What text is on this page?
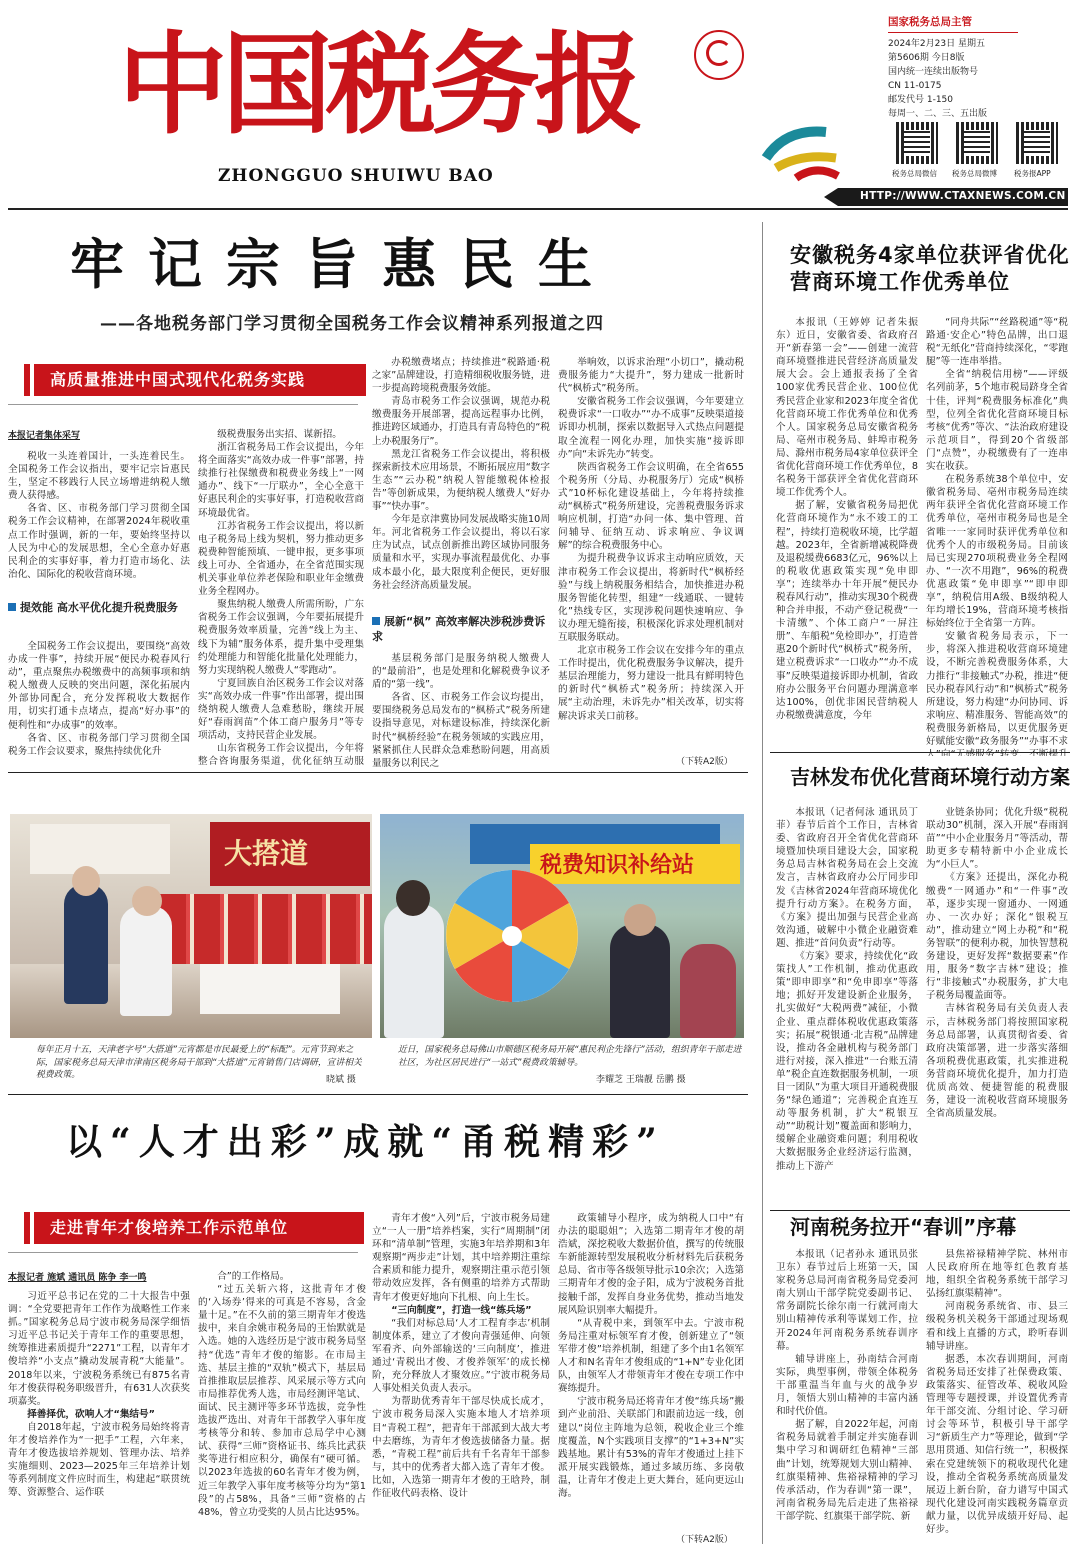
中国税务报
ZHONGGUO SHUIWU BAO
国家税务总局主管
2024年2月23日 星期五
第5606期 今日8版
国内统一连续出版物号
CN 11-0175
邮发代号 1-150
每周一、二、三、五出版
税务总局微信 税务总局微博 税务报APP
HTTP://WWW.CTAXNEWS.COM.CN
牢记宗旨惠民生
——各地税务部门学习贯彻全国税务工作会议精神系列报道之四
高质量推进中国式现代化税务实践
本报记者集体采写

税收一头连着国计，一头连着民生。全国税务工作会议指出，要牢记宗旨惠民生，坚定不移践行人民立场增进纳税人缴费人获得感。

各省、区、市税务部门学习贯彻全国税务工作会议精神，在部署2024年税收重点工作时强调，新的一年，要始终坚持以人民为中心的发展思想，全心全意办好惠民利企的实事好事，着力打造市场化、法治化、国际化的税收营商环境。

提效能 高水平优化提升税费服务

全国税务工作会议提出，要围绕“高效办成一件事”，持续开展“便民办税春风行动”，重点聚焦办税缴费中的高频事项和纳税人缴费人反映的突出问题，深化拓展内外部协同配合，充分发挥税收大数据作用，切实打通卡点堵点，提高“好办事”的便利性和“办成事”的效率。

各省、区、市税务部门学习贯彻全国税务工作会议要求，聚焦持续优化升

级税费服务出实招、谋新招。

浙江省税务局工作会议提出，今年将全面落实“高效办成一件事”部署，持续推行社保缴费和税费业务线上“一网通办”、线下“一厅联办”，全心全意干好惠民利企的实事好事，打造税收营商环境最优省。

江苏省税务工作会议提出，将以新电子税务局上线为契机，努力推动更多税费种智能预填、一键申报，更多事项线上可办、全省通办，在全省范围实现机关事业单位养老保险和职业年金缴费业务全程网办。

聚焦纳税人缴费人所需所盼，广东省税务工作会议强调，今年要拓展提升税费服务效率质量，完善“线上为主、线下为辅”服务体系，提升集中受理集约处理能力和智能化批量化处理能力，努力实现纳税人缴费人“零跑动”。

宁夏回族自治区税务工作会议对落实“高效办成一件事”作出部署，提出围绕纳税人缴费人急难愁盼，继续开展好“春雨润苗”个体工商户服务月”等专项活动，支持民营企业发展。

山东省税务工作会议提出，今年将整合咨询服务渠道，优化征纳互动服

办税缴费堵点；持续推进“税路通·税之家”品牌建设，打造精细税收服务链，进一步提高跨境税费服务效能。

青岛市税务工作会议强调，规范办税缴费服务开展部署，提高远程事办比例，推进跨区域通办，打造具有青岛特色的“税上办税服务厅”。

黑龙江省税务工作会议提出，将积极探索新技术应用场景，不断拓展应用“数字生态”“云办税”纳税人智能缴税体检报告”等创新成果，为便纳税人缴费人“好办事”“快办事”。

今年是京津冀协同发展战略实施10周年。河北省税务工作会议提出，将以石家庄为试点，试点创新推出跨区域协同服务质量和水平，实现办事流程最优化、办事成本最小化，最大限度利企便民，更好服务社会经济高质量发展。

展新“枫” 高效率解决涉税涉费诉求

基层税务部门是服务纳税人缴费人的“最前沿”，也是处理和化解税费争议矛盾的“第一线”。

各省、区、市税务工作会议均提出，要围绕税务总局发布的“枫桥式”税务所建设指导意见，对标建设标准，持续深化新时代“枫桥经验”在税务领域的实践应用，紧紧抓住人民群众急难愁盼问题，用高质量服务以利民之

举响效，以诉求治理“小切口”，撬动税费服务能力“大提升”，努力建成一批新时代“枫桥式”税务所。

安徽省税务工作会议强调，今年要建立税费诉求“一口收办”“办不成事”反映渠道接诉即办机制，探索以数据导入式热点问题提取全流程一网化办理，加快实施“接诉即办”向“未诉先办”转变。

陕西省税务工作会议明确，在全省655个税务所（分局、办税服务厅）完成“枫桥式”10杯标化建设基础上，今年将持续推动“枫桥式”税务所建设，完善税费服务诉求响应机制，打造“办问一体、集中管理、首问辅导、征纳互动、诉求响应、争议调解”的综合税费服务中心。

为提升税费争议诉求主动响应质效，天津市税务工作会议提出，将新时代“枫桥经验”与线上纳税服务相结合，加快推进办税服务智能化转型，组建“一线通联、一键转化”热线专区，实现涉税问题快速响应、争议办理无缝衔接，积极深化诉求处理机制对互联服务联动。

北京市税务工作会议在安排今年的重点工作时提出，优化税费服务争议解决，提升基层治理能力，努力建设一批具有鲜明特色的新时代“枫桥式”税务所；持续深入开展“主动治理，未诉先办”相关改革，切实将解决诉求关口前移。

（下转A2版）
大搭道
每年正月十五，天津老字号“大搭道”元宵都是市民最爱上的“标配”。元宵节到来之际，国家税务总局天津市津南区税务局干部到“大搭道”元宵销售门店调研，宣讲相关税费政策。	晓斌 摄
税费知识补给站
近日，国家税务总局佛山市顺德区税务局开展“惠民利企先锋行”活动，组织青年干部走进社区，为社区居民进行“一站式”税费政策辅导。
李耀芝 王瑞靓 岳鹏 摄
以“人才出彩”成就“甬税精彩”
走进青年才俊培养工作示范单位
本报记者 施斌 通讯员 陈争 李一鸣

习近平总书记在党的二十大报告中强调：“全党要把青年工作作为战略性工作来抓。”国家税务总局宁波市税务局深学细悟习近平总书记关于青年工作的重要思想，统筹推进素质提升“2271”工程，以青年才俊培养“小支点”撬动发展青税“大能量”。2018年以来，宁波税务系统已有875名青年才俊获得税务职级晋升，有631人次获奖项嘉奖。

择善择优，砍响人才“集结号”

自2018年起，宁波市税务局始终将青年才俊培养作为“一把手”工程，六年来，青年才俊选拔培养规划、管理办法、培养实施细则、2023—2025年三年培养计划等系列制度文件应时而生，构建起“联贯统筹、资源整合、运作联

合”的工作格局。

“过五关斩六将，这批青年才俊的‘入场券’得来的可真是不容易，含金量十足。”在不久前的第三期青年才俊选拔中，来自余姚市税务局的王怡默就是入选。她的入选经历是宁波市税务局坚持“优选”青年才俊的缩影。在市局主选、基层主推的“双轨”模式下，基层局首推推取层层推荐、风采展示等方式向市局推荐优秀人选，市局经测评笔试、面试、民主测评等多环节选拔，竞争性选拔严选出、对青年干部教学入事年度考核等分和转、参加市总局学中心测试、获得“三师”资格证书、练兵比武获奖等进行相应积分，确保有“硬可循。以2023年选拔的60名青年才俊为例，近三年教学入事年度考核等分均为“第1段”的占58%，具备“三师”资格的占48%，曾立功受奖的人员占比达95%。

青年才俊“入列”后，宁波市税务局建立“一人一册”培养档案，实行“周期制”闭环和“清单制”管理，实施3年培养期和3年观察期“两步走”计划，其中培养期注重综合素质和能力提升，观察期注重示范引领带动效应发挥，各有侧重的培养方式帮助青年才俊更好地向下扎根、向上生长。

“三向制度”，打造一线“练兵场”

“我们对标总局‘人才工程育李志’机制制度体系，建立了才俊向青强延伸、向领军看齐、向外部输送的‘三向制度’，推进通过‘青税出才俊、才俊养领军’的成长梯阶，充分释放人才聚效应。”宁波市税务局人事处相关负责人表示。

为帮助优秀青年干部尽快成长成才，宁波市税务局深入实施本地人才培养项目“青税工程”，把青年干部派到大战大考中去磨练，为青年才俊选拔储备力量。据悉，“青税工程”前后共有千名青年干部参与，其中的优秀者大都入选了青年才俊。比如，入选第一期青年才俊的王晗羚，制作征收代码表格、设计

政策辅导小程序，成为纳税人口中“有办法的聪聪姐”；入选第二期青年才俊的胡浩斌，深挖税收大数据价值，撰写的传统服车新能源转型发展税收分析材料先后获税务总局、省市等各级领导批示10余次；入选第三期青年才俊的金子阳，成为宁波税务首批接触千部，发挥自身业务优势，推动当地发展风险识别率大幅提升。

“从青税中来，到领军中去。宁波市税务局注重对标领军育才俊，创新建立了“领军带才俊”培养机制，组建了多个由1名领军人才和N名青年才俊组成的“1+N”专业化团队，由领军人才带领青年才俊在专项工作中赛练提升。

宁波市税务局还将青年才俊“练兵场”搬到产业前沿、关联部门和跟前边远一线，创建以“岗位主阵地为总领，税收企业三个维度覆盖，N个实践项目支撑”的“1+3+N”实践基地。累计有53%的青年才俊通过上挂下派开展实践锻炼，通过多域历练、多岗敬温，让青年才俊走上更大舞台，延向更远山海。

（下转A2版）
安徽税务4家单位获评省优化营商环境工作优秀单位

本报讯（王婷婷 记者朱振东）近日，安徽省委、省政府召开“新春第一会”——创建一流营商环境暨推进民营经济高质量发展大会。会上通报表扬了全省100家优秀民营企业、100位优秀民营企业家和2023年度全省优化营商环境工作优秀单位和优秀个人。国家税务总局安徽省税务局、亳州市税务局、蚌埠市税务局、滁州市税务局4家单位获评全省优化营商环境工作优秀单位，8名税务干部获评全省优化营商环境工作优秀个人。

据了解，安徽省税务局把优化营商环境作为“永不竣工的工程”，持续打造税收环境，比学超越。2023年，全省新增减税降费及退税缓费6683亿元，96%以上的税收优惠政策实现“免申即享”；连续举办十年开展“便民办税春风行动”，推动实现30个税费种合并申报，不动产登记税费“一卡清缴”、个体工商户“一屏注册”、车船税“免检即办”，打造普惠20个新时代“枫桥式”税务所，建立税费诉求“一口收办”“办不成事”反映渠道接诉即办机制，省政府办公服务平台问题办理满意率达100%，创优非困民营纳税人办税缴费满意度，今年

“同舟共际”“丝路税通”等“税路通·安企心”特色品牌，出口退税“无纸化”营商持续深化，“零跑腿”等一连串举措。

全省“纳税信用榜”——评级名列前茅，5个地市税局跻身全省十佳，评判“税费服务标准化”典型，位列全省优化营商环境目标考核“优秀”等次、“法治政府建设示范项目”，得到20个省级部门“点赞”，办税缴费有了一连串实在收获。

在税务系统38个单位中，安徽省税务局、亳州市税务局连续两年获评全省优化营商环境工作优秀单位，亳州市税务局也是全省唯一一家同时获评优秀单位和优秀个人的市级税务局。目前该局已实现270项税费业务全程网办、“一次不用跑”，96%的税费优惠政策“免申即享”“即申即享”，纳税信用A级、B级纳税人年均增长19%，营商环境考核指标始终位于全省第一方阵。

安徽省税务局表示，下一步，将深入推进税收营商环境建设，不断完善税费服务体系，大力推行“非接触式”办税，推进“便民办税春风行动”和“枫桥式”税务所建设，努力构建“办问协同、诉求响应、精准服务、智能高效”的税费服务新格局，以更优服务更好赋能安徽“政务服务”“办事不求

吉林发布优化营商环境行动方案

本报讯（记者何泳 通讯员丁菲）春节后首个工作日，吉林省委、省政府召开全省优化营商环境暨加快项目建设大会，国家税务总局吉林省税务局在会上交流发言，吉林省政府办公厅同步印发《吉林省2024年营商环境优化提升行动方案》。在税务方面，《方案》提出加强与民营企业高效沟通，破解中小微企业融资难题、推进“首问负责”行动等。

《方案》要求，持续优化“政策找人”工作机制，推动优惠政策“即申即享”和“免申即享”等落地；抓好开发建设新企业服务，扎实做好“大税两费”减征，小微企业、重点群体税收优惠政策落实；拓展“税银通·北吉税”品牌建设，推动各金融机构与税务部门进行对接，深入推进“一台账五清单”税企直连数据服务机制，一项目一团队”为重大项目开通税费服务“绿色通道”；完善税企直连互动等服务机制，扩大“税银互动”“助税计划”覆盖面和影响力，缓解企业融资难问题；利用税收大数据服务企业经济运行监测，推动上下游产

业链条协同；优化升级“税税联动30”机制，深入开展“春雨润苗”“中小企业服务月”等活动，帮助更多专精特新中小企业成长为“小巨人”。

《方案》还提出，深化办税缴费“一网通办”和“一件事”改革，逐步实现一窗通办、一网通办、一次办好；深化“银税互动”，推动建立“网上办税”和“税务智联”的便利办税，加快智慧税务建设，更好发挥“数据要素”作用，服务“数字吉林”建设；推行“非接触式”办税服务，扩大电子税务局覆盖面等。

吉林省税务局有关负责人表示，吉林税务部门将按照国家税务总局部署，认真贯彻省委、省政府决策部署，进一步落实落细各项税费优惠政策，扎实推进税务营商环境优化提升，加力打造优质高效、便捷智能的税费服务，建设一流税收营商环境服务全省高质量发展。

河南税务拉开“春训”序幕

本报讯（记者孙永 通讯员张卫东）春节过后上班第一天，国家税务总局河南省税务局党委河南大别山干部学院党委副书记、常务副院长徐尔南一行就河南大别山精神传承利等谋划工作，拉开2024年河南税务系统春训序幕。

辅导讲座上，孙南结合河南实际，典型事例，带领全体税务干部重温当年血与火的战争岁月，领悟大别山精神的丰富内涵和时代价值。

据了解，自2022年起，河南省税务局就着手制定并实施春训集中学习和调研红色精神“三部曲”计划，统筹规划大别山精神、红旗渠精神、焦裕禄精神的学习传承活动，作为春训“第一课”，河南省税务局先后走进了焦裕禄干部学院、红旗渠干部学院、新

县焦裕禄精神学院、林州市人民政府所在地等红色教育基地，组织全省税务系统干部学习弘扬红旗渠精神”。

河南税务系统省、市、县三级税务机关税务干部通过现场观看和线上直播的方式，聆听春训辅导讲座。

据悉，本次春训期间，河南省税务局还安排了社保费政策、政策落实、征管改革、税收风险管理等专题授课，并设置优秀青年干部交流、分组讨论、学习研讨会等环节，积极引导干部学习“新质生产力”等理论，做到“学思用贯通、知信行统一”，积极探索在党建统领下的税收现代化建设，推动全省税务系统高质量发展迈上新台阶，奋力谱写中国式现代化建设河南实践税务篇章贡献力量，以优异成绩开好局、起好步。
